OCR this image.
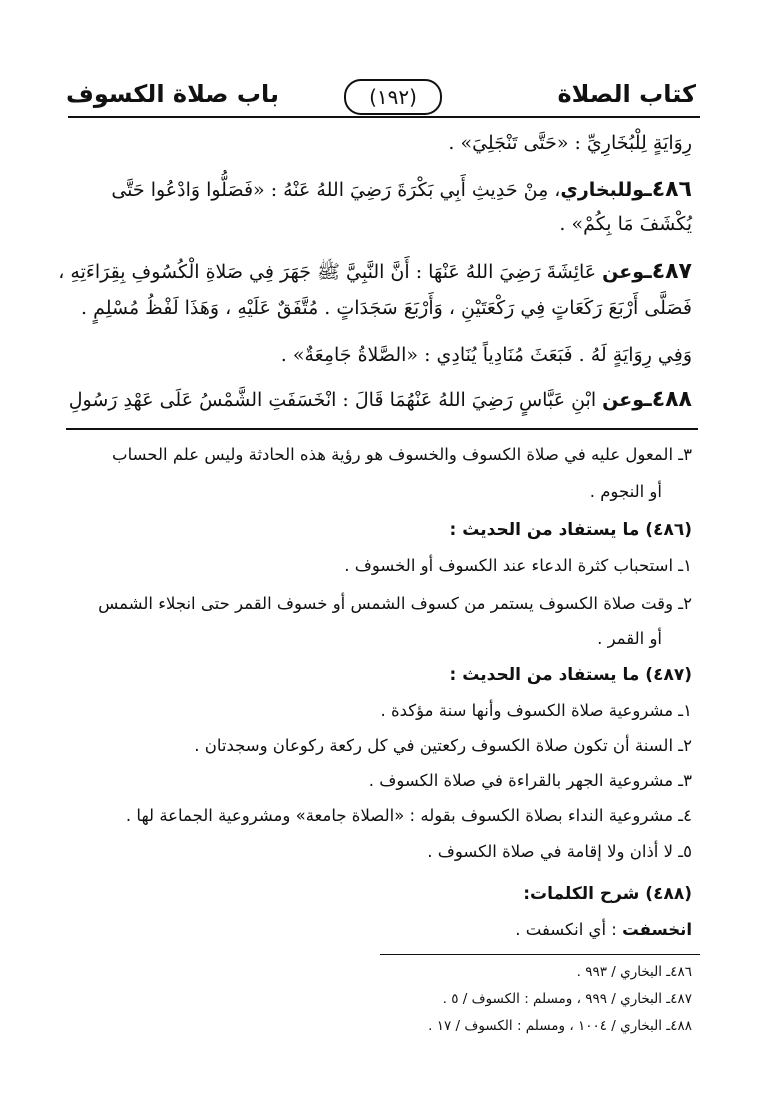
كتاب الصلاة
(١٩٢)
باب صلاة الكسوف
رِوَايَةٍ لِلْبُخَارِيِّ : «حَتَّى تَنْجَلِيَ» .
٤٨٦ـوللبخاري، مِنْ حَدِيثِ أَبِي بَكْرَةَ رَضِيَ اللهُ عَنْهُ : «فَصَلُّوا وَادْعُوا حَتَّى
يُكْشَفَ مَا بِكُمْ» .
٤٨٧ـوعن عَائِشَةَ رَضِيَ اللهُ عَنْهَا : أَنَّ النَّبِيَّ ﷺ جَهَرَ فِي صَلاةِ الْكُسُوفِ بِقِرَاءَتِهِ ،
فَصَلَّى أَرْبَعَ رَكَعَاتٍ فِي رَكْعَتَيْنِ ، وَأَرْبَعَ سَجَدَاتٍ . مُتَّفَقٌ عَلَيْهِ ، وَهَذَا لَفْظُ مُسْلِمٍ .
وَفِي رِوَايَةٍ لَهُ . فَبَعَثَ مُنَادِياً يُنَادِي : «الصَّلاةُ جَامِعَةٌ» .
٤٨٨ـوعن ابْنِ عَبَّاسٍ رَضِيَ اللهُ عَنْهُمَا قَالَ : انْخَسَفَتِ الشَّمْسُ عَلَى عَهْدِ رَسُولِ
٣ـ المعول عليه في صلاة الكسوف والخسوف هو رؤية هذه الحادثة وليس علم الحساب
أو النجوم .
(٤٨٦) ما يستفاد من الحديث :
١ـ استحباب كثرة الدعاء عند الكسوف أو الخسوف .
٢ـ وقت صلاة الكسوف يستمر من كسوف الشمس أو خسوف القمر حتى انجلاء الشمس
أو القمر .
(٤٨٧) ما يستفاد من الحديث :
١ـ مشروعية صلاة الكسوف وأنها سنة مؤكدة .
٢ـ السنة أن تكون صلاة الكسوف ركعتين في كل ركعة ركوعان وسجدتان .
٣ـ مشروعية الجهر بالقراءة في صلاة الكسوف .
٤ـ مشروعية النداء بصلاة الكسوف بقوله : «الصلاة جامعة» ومشروعية الجماعة لها .
٥ـ لا أذان ولا إقامة في صلاة الكسوف .
(٤٨٨) شرح الكلمات:
انخسفت : أي انكسفت .
٤٨٦ـ البخاري / ٩٩٣ .
٤٨٧ـ البخاري / ٩٩٩ ، ومسلم : الكسوف / ٥ .
٤٨٨ـ البخاري / ١٠٠٤ ، ومسلم : الكسوف / ١٧ .
